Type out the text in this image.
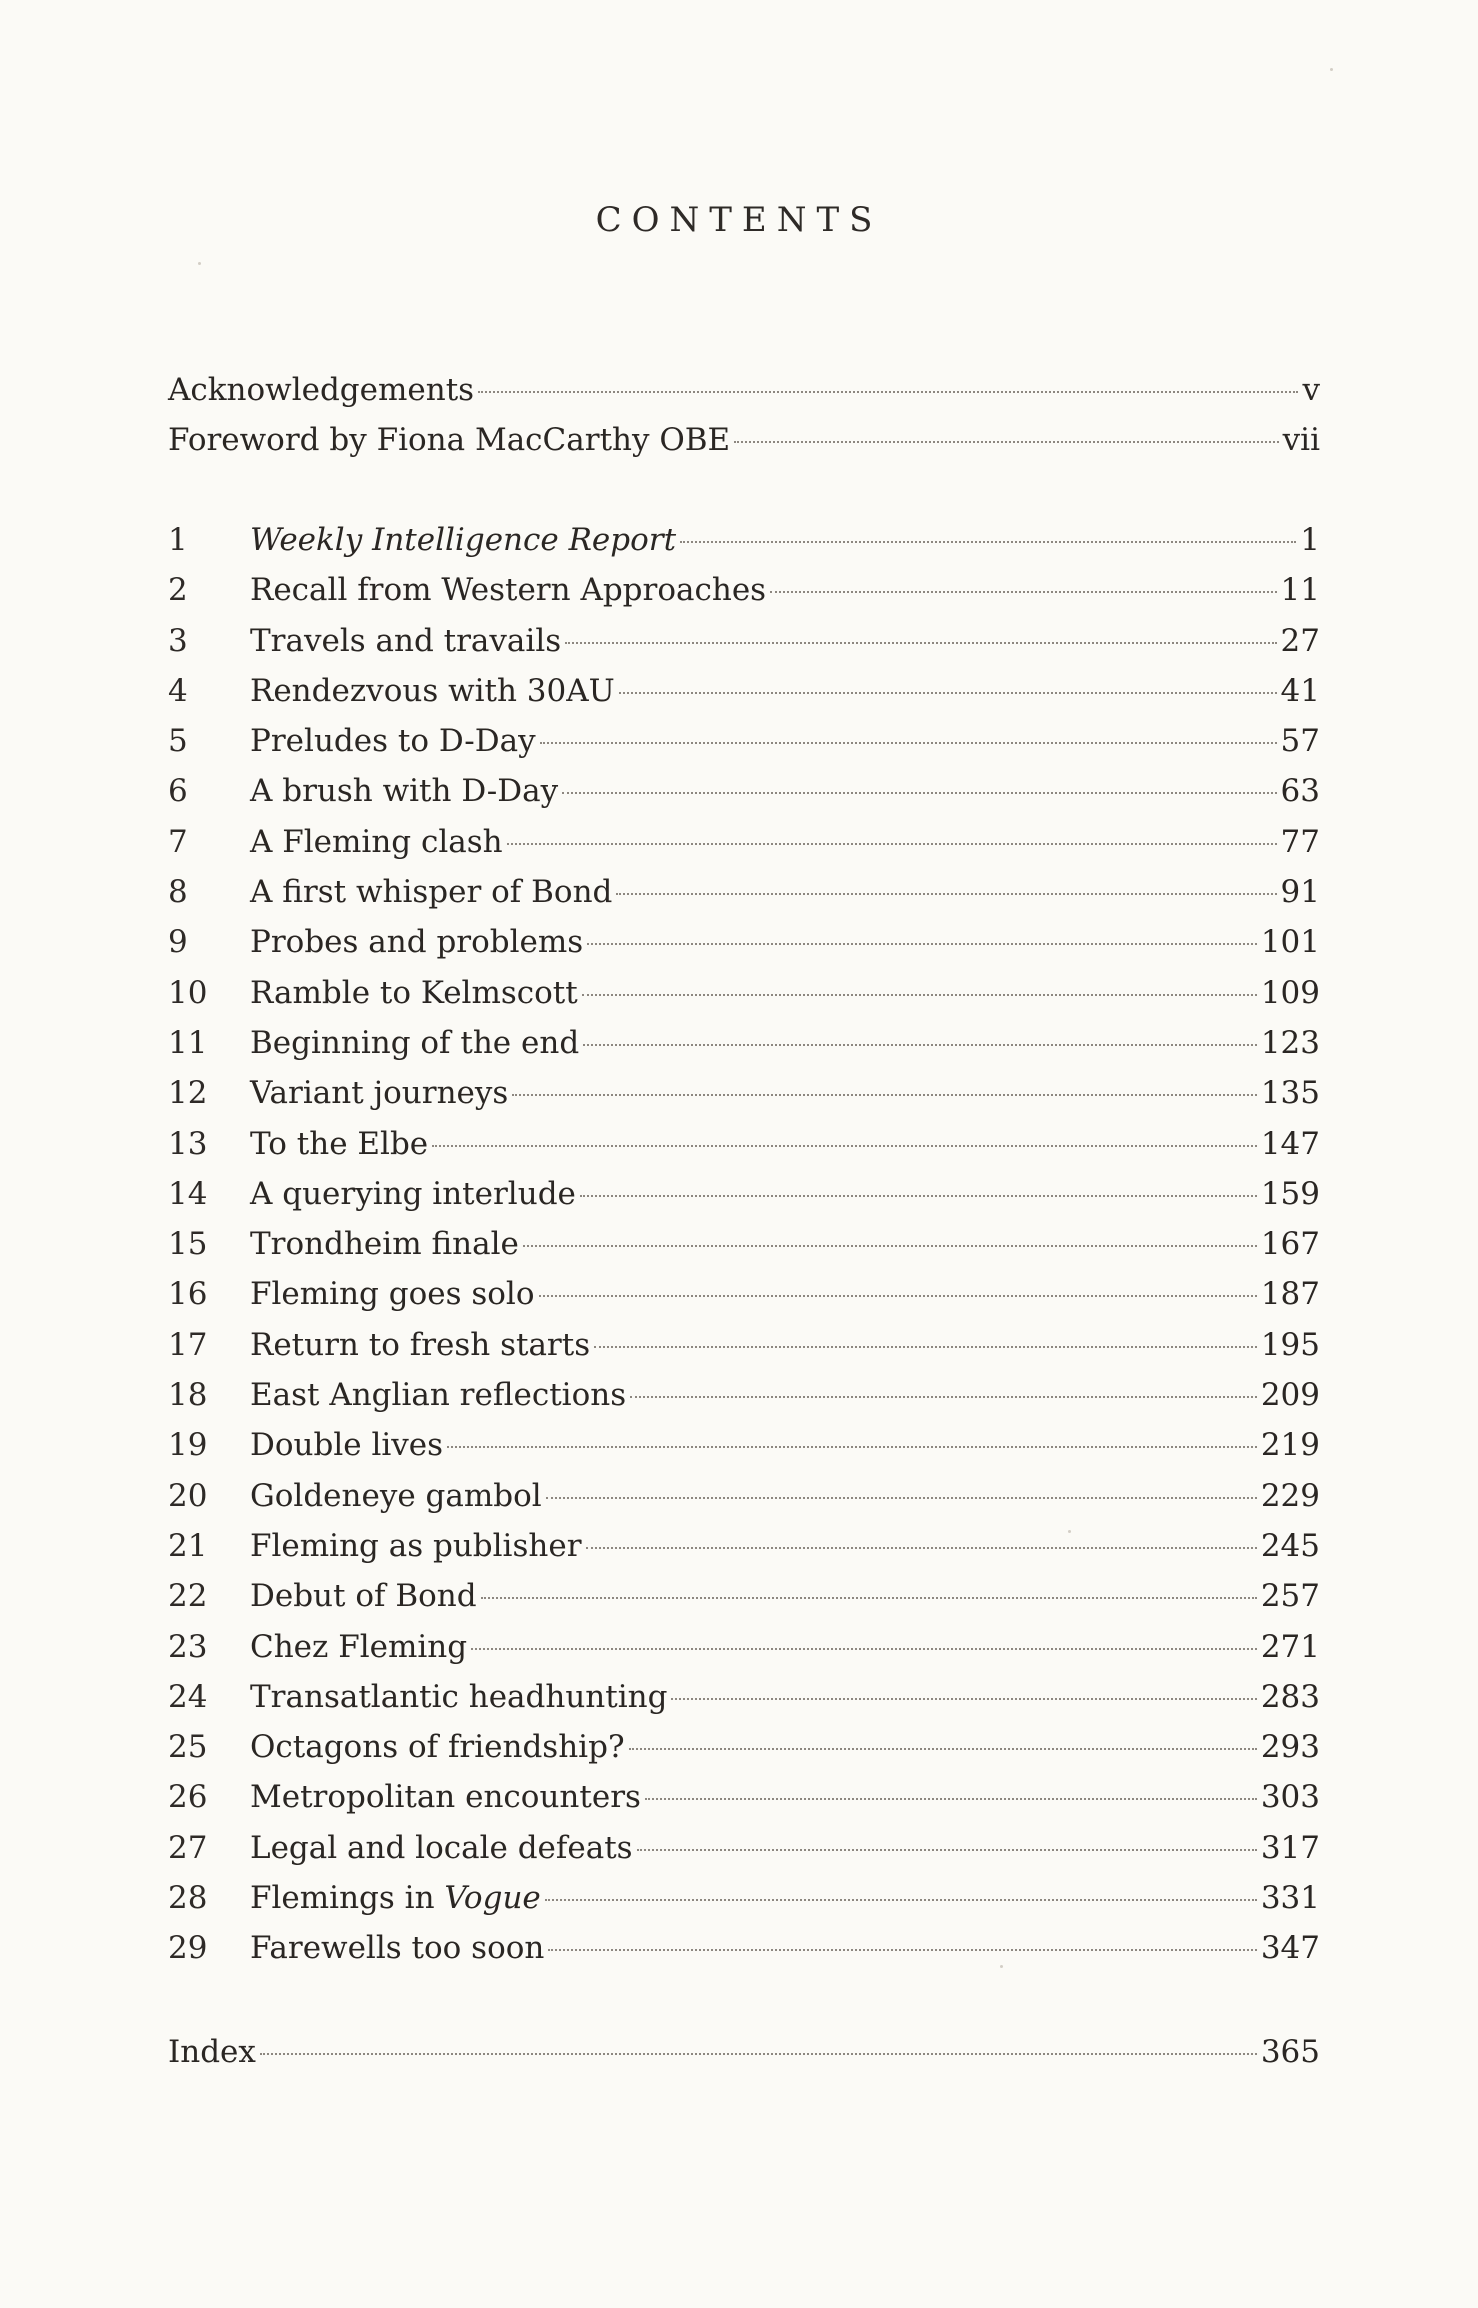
CONTENTS
Acknowledgements	v
Foreword by Fiona MacCarthy OBE	vii
1	Weekly Intelligence Report	1
2	Recall from Western Approaches	11
3	Travels and travails	27
4	Rendezvous with 30AU	41
5	Preludes to D-Day	57
6	A brush with D-Day	63
7	A Fleming clash	77
8	A first whisper of Bond	91
9	Probes and problems	101
10	Ramble to Kelmscott	109
11	Beginning of the end	123
12	Variant journeys	135
13	To the Elbe	147
14	A querying interlude	159
15	Trondheim finale	167
16	Fleming goes solo	187
17	Return to fresh starts	195
18	East Anglian reflections	209
19	Double lives	219
20	Goldeneye gambol	229
21	Fleming as publisher	245
22	Debut of Bond	257
23	Chez Fleming	271
24	Transatlantic headhunting	283
25	Octagons of friendship?	293
26	Metropolitan encounters	303
27	Legal and locale defeats	317
28	Flemings in Vogue	331
29	Farewells too soon	347
Index	365
